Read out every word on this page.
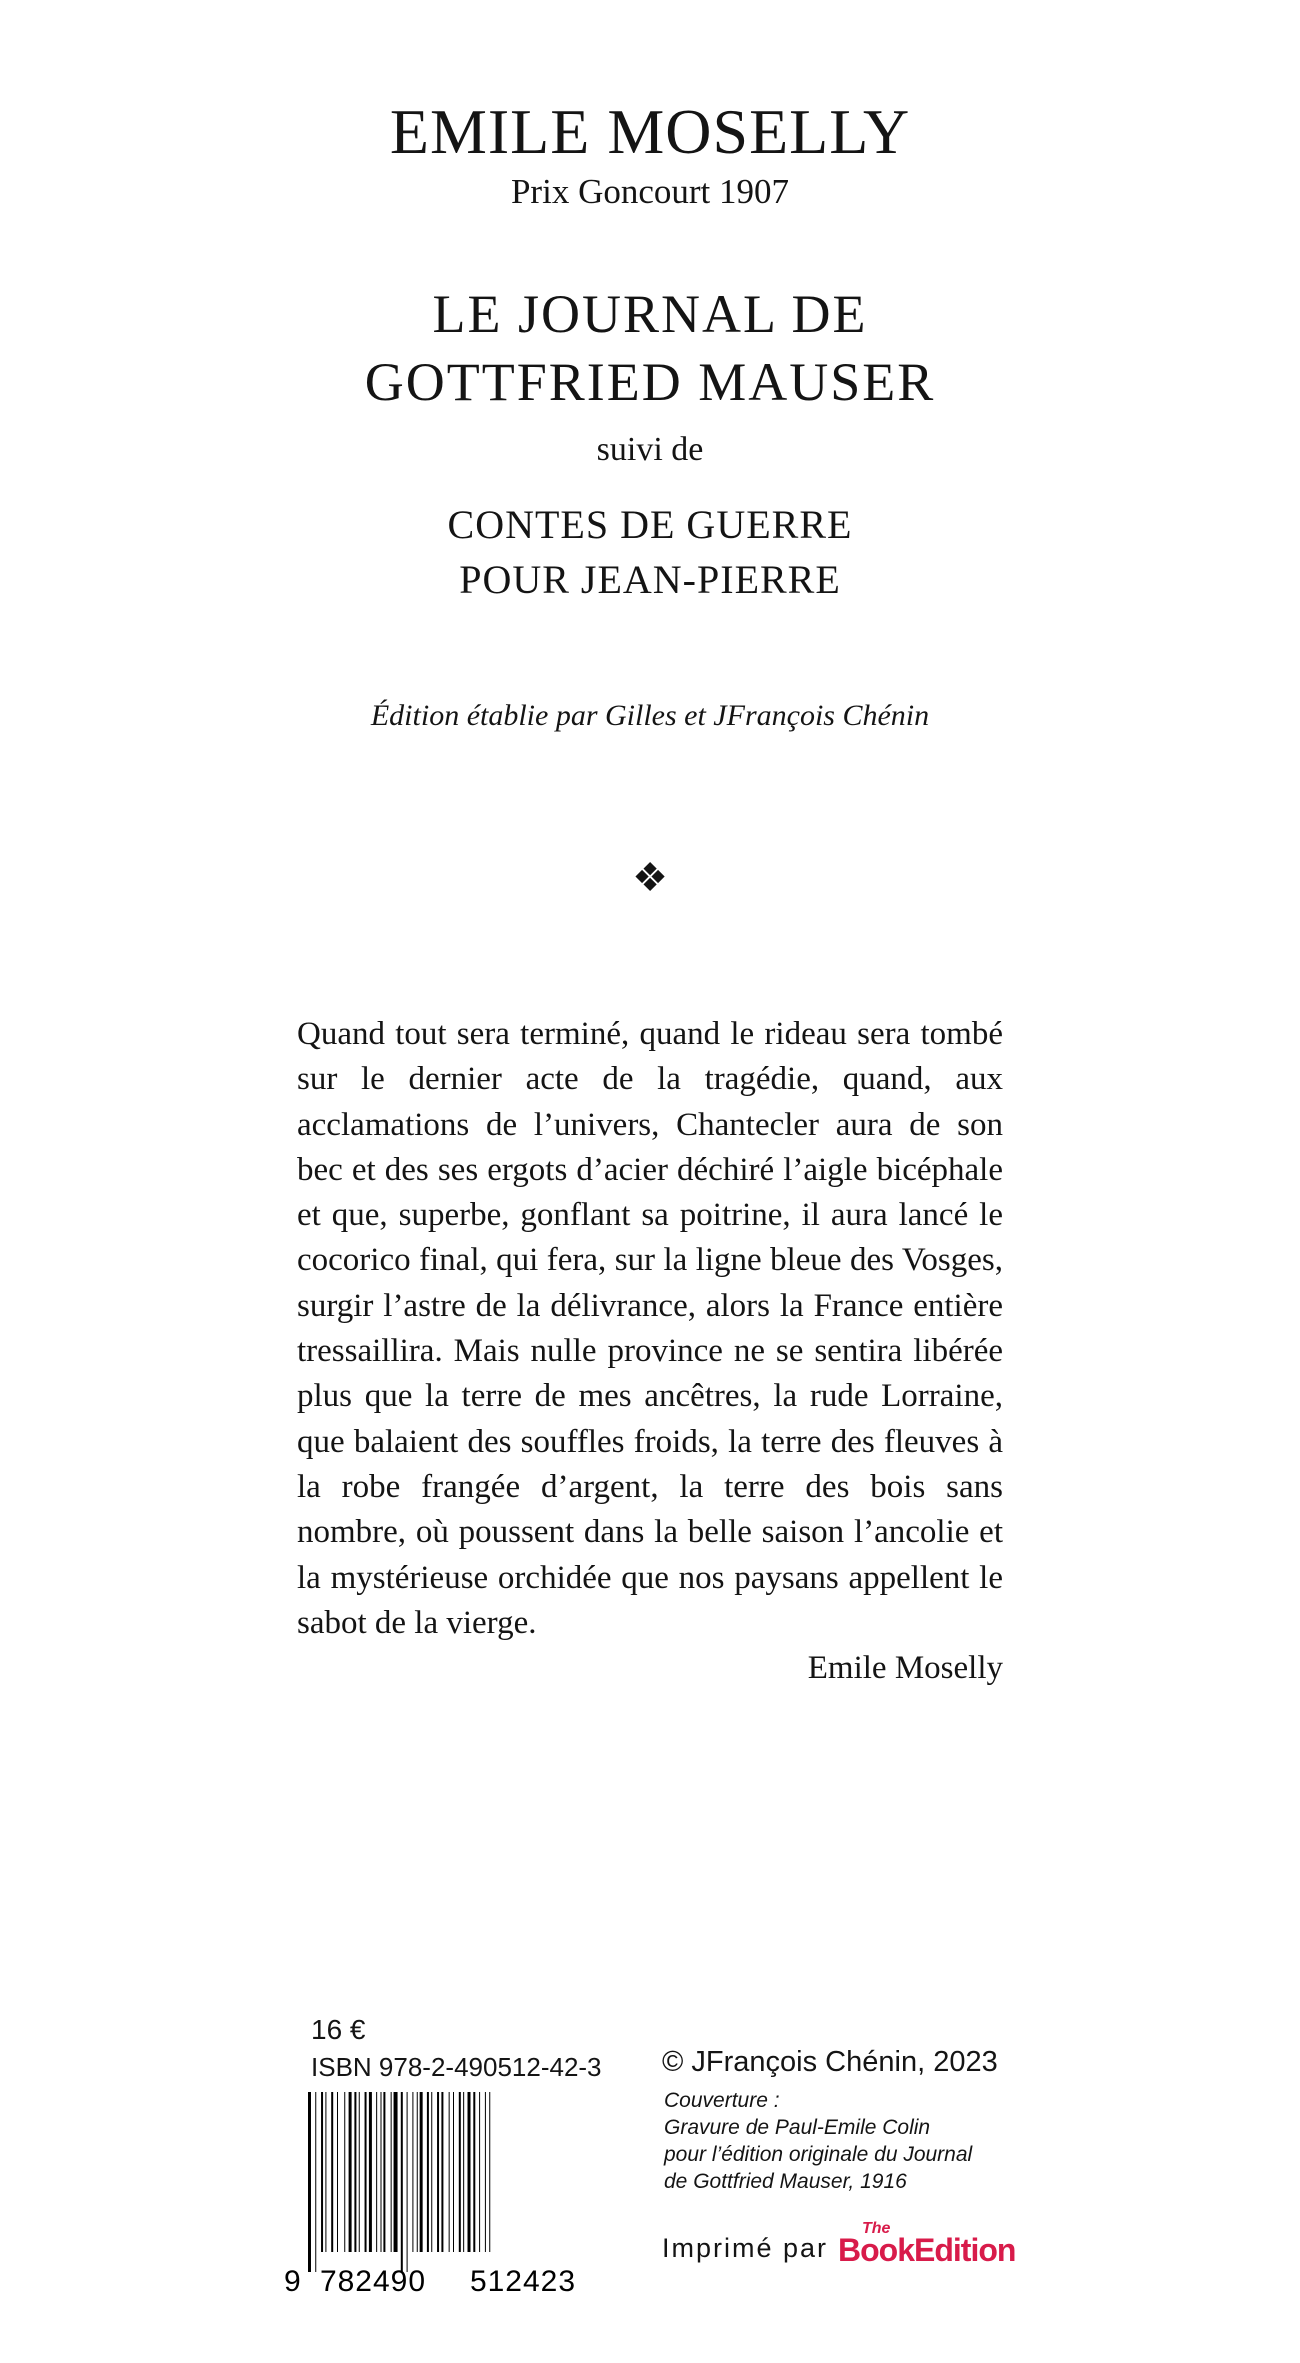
EMILE MOSELLY
Prix Goncourt 1907
LE JOURNAL DE
GOTTFRIED MAUSER
suivi de
CONTES DE GUERRE
POUR JEAN-PIERRE
Édition établie par Gilles et JFrançois Chénin
❖

Quand tout sera terminé, quand le rideau sera tombé sur le dernier acte de la tragédie, quand, aux acclamations de l’univers, Chantecler aura de son bec et des ses ergots d’acier déchiré l’aigle bicéphale et que, superbe, gonflant sa poitrine, il aura lancé le cocorico final, qui fera, sur la ligne bleue des Vosges, surgir l’astre de la délivrance, alors la France entière tressaillira. Mais nulle province ne se sentira libérée plus que la terre de mes ancêtres, la rude Lorraine, que balaient des souffles froids, la terre des fleuves à la robe frangée d’argent, la terre des bois sans nombre, où poussent dans la belle saison l’ancolie et la mystérieuse orchidée que nos paysans appellent le sabot de la vierge.

Emile Moselly
16 €
ISBN 978-2-490512-42-3
9 782490 512423
© JFrançois Chénin, 2023
Couverture :
Gravure de Paul-Emile Colin
pour l’édition originale du Journal
de Gottfried Mauser, 1916
Imprimé par
The
BookEdition
